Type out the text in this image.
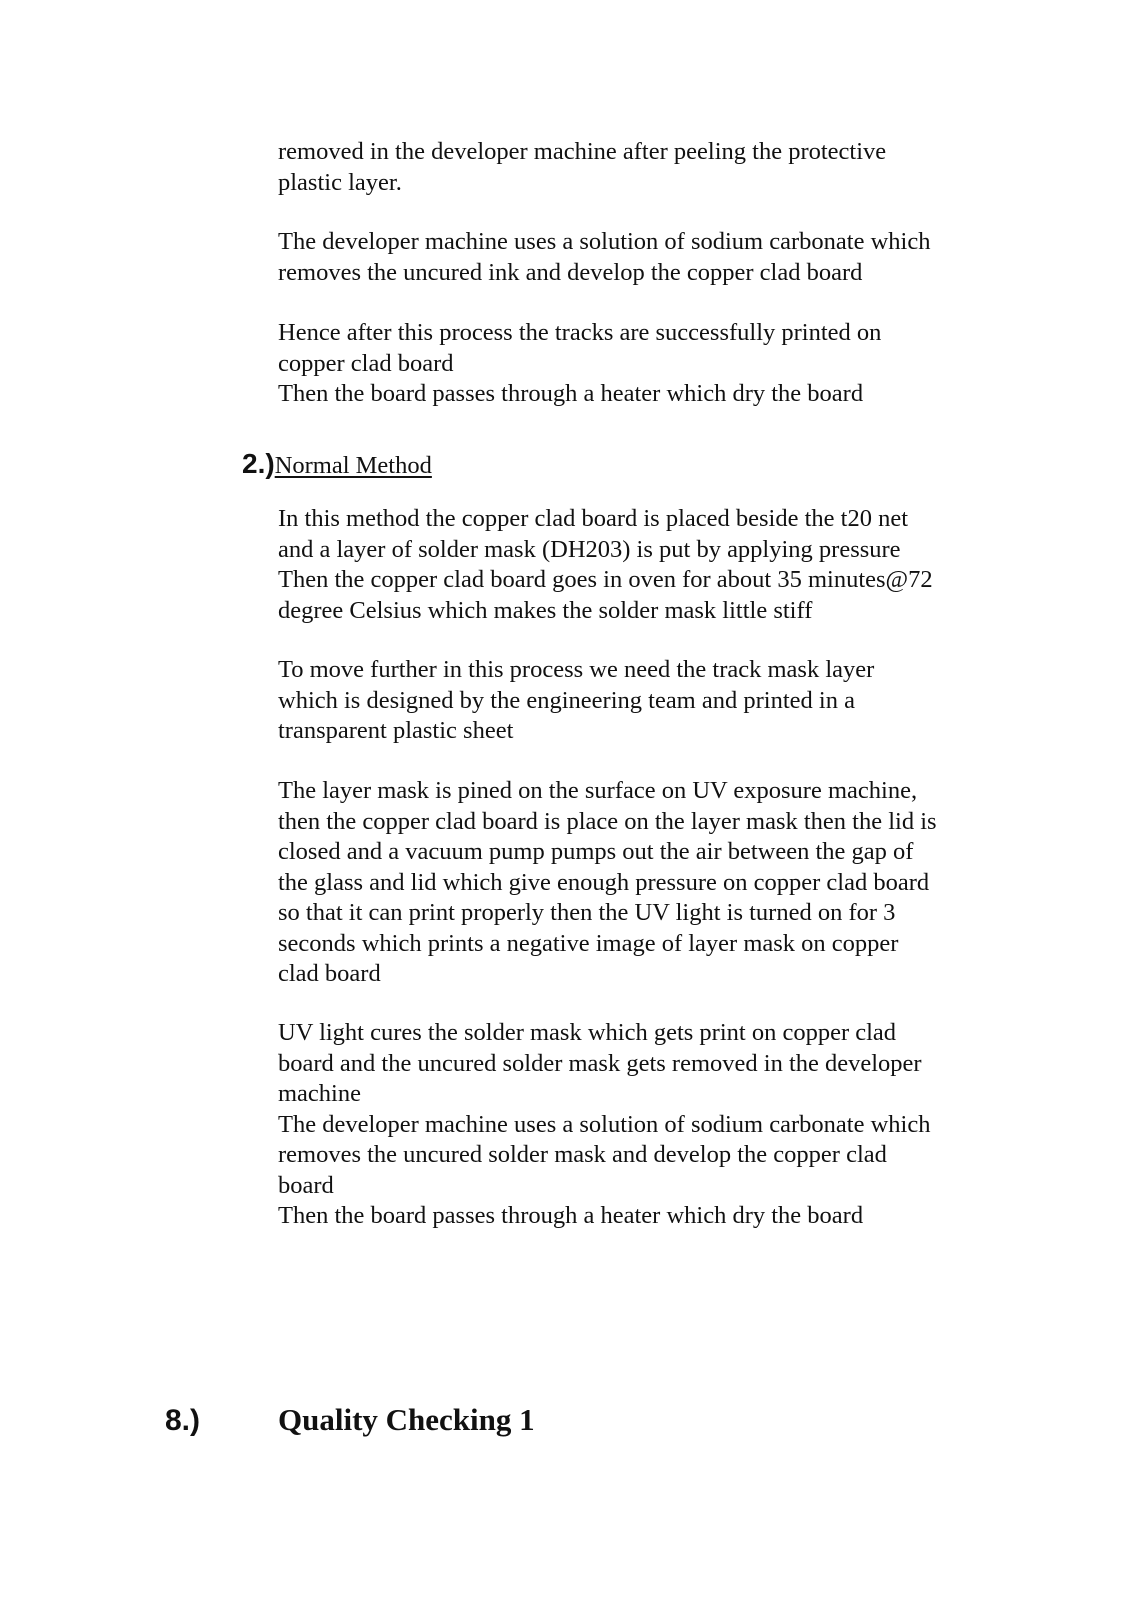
removed in the developer machine after peeling the protective
plastic layer.

The developer machine uses a solution of sodium carbonate which
removes the uncured ink and develop the copper clad board

Hence after this process the tracks are successfully printed on
copper clad board
Then the board passes through a heater which dry the board

2.)Normal Method

In this method the copper clad board is placed beside the t20 net
and a layer of solder mask (DH203) is put by applying pressure
Then the copper clad board goes in oven for about 35 minutes@72
degree Celsius which makes the solder mask little stiff

To move further in this process we need the track mask layer
which is designed by the engineering team and printed in a
transparent plastic sheet

The layer mask is pined on the surface on UV exposure machine,
then the copper clad board is place on the layer mask then the lid is
closed and a vacuum pump pumps out the air between the gap of
the glass and lid which give enough pressure on copper clad board
so that it can print properly then the UV light is turned on for 3
seconds which prints a negative image of layer mask on copper
clad board

UV light cures the solder mask which gets print on copper clad
board and the uncured solder mask gets removed in the developer
machine
The developer machine uses a solution of sodium carbonate which
removes the uncured solder mask and develop the copper clad
board
Then the board passes through a heater which dry the board

8.)	Quality Checking 1
